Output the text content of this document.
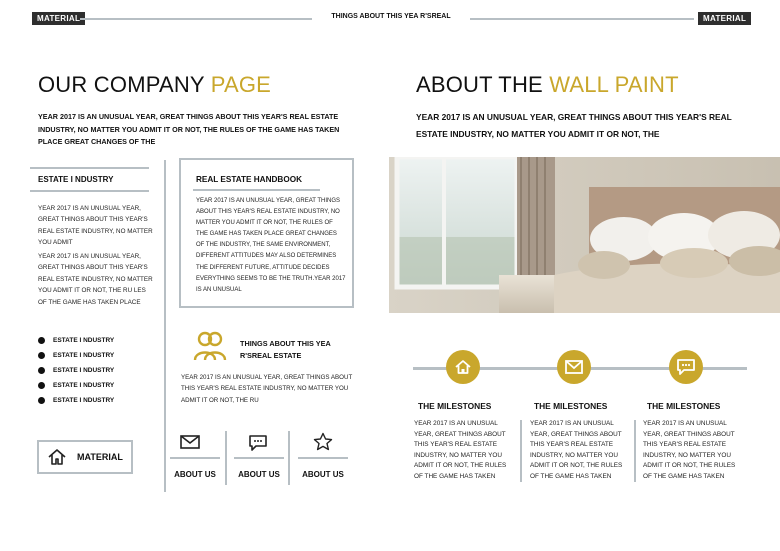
MATERIAL	THINGS ABOUT THIS YEA R'SREAL	MATERIAL
OUR COMPANY PAGE
YEAR 2017 IS AN UNUSUAL YEAR, GREAT THINGS ABOUT THIS YEAR'S REAL ESTATE INDUSTRY, NO MATTER YOU ADMIT IT OR NOT, THE RULES OF THE GAME HAS TAKEN PLACE GREAT CHANGES OF THE
ESTATE I NDUSTRY
YEAR 2017 IS AN UNUSUAL YEAR, GREAT THINGS ABOUT THIS YEAR'S REAL ESTATE INDUSTRY, NO MATTER YOU ADMIT
YEAR 2017 IS AN UNUSUAL YEAR, GREAT THINGS ABOUT THIS YEAR'S REAL ESTATE INDUSTRY, NO MATTER YOU ADMIT IT OR NOT, THE RU LES OF THE GAME HAS TAKEN PLACE
ESTATE I NDUSTRY
ESTATE I NDUSTRY
ESTATE I NDUSTRY
ESTATE I NDUSTRY
ESTATE I NDUSTRY
MATERIAL
REAL ESTATE HANDBOOK
YEAR 2017 IS AN UNUSUAL YEAR, GREAT THINGS ABOUT THIS YEAR'S REAL ESTATE INDUSTRY, NO MATTER YOU ADMIT IT OR NOT, THE RULES OF THE GAME HAS TAKEN PLACE GREAT CHANGES OF THE INDUSTRY, THE SAME ENVIRONMENT, DIFFERENT ATTITUDES MAY ALSO DETERMINES THE DIFFERENT FUTURE, ATTITUDE DECIDES EVERYTHING SEEMS TO BE THE TRUTH.YEAR 2017 IS AN UNUSUAL
THINGS ABOUT THIS YEA R'SREAL ESTATE
YEAR 2017 IS AN UNUSUAL YEAR, GREAT THINGS ABOUT THIS YEAR'S REAL ESTATE INDUSTRY, NO MATTER YOU ADMIT IT OR NOT, THE RU
ABOUT US	ABOUT US	ABOUT US
ABOUT THE WALL PAINT
YEAR 2017 IS AN UNUSUAL YEAR, GREAT THINGS ABOUT THIS YEAR'S REAL ESTATE INDUSTRY, NO MATTER YOU ADMIT IT OR NOT, THE
THE MILESTONES	THE MILESTONES	THE MILESTONES
YEAR 2017 IS AN UNUSUAL YEAR, GREAT THINGS ABOUT THIS YEAR'S REAL ESTATE INDUSTRY, NO MATTER YOU ADMIT IT OR NOT, THE RULES OF THE GAME HAS TAKEN
YEAR 2017 IS AN UNUSUAL YEAR, GREAT THINGS ABOUT THIS YEAR'S REAL ESTATE INDUSTRY, NO MATTER YOU ADMIT IT OR NOT, THE RULES OF THE GAME HAS TAKEN
YEAR 2017 IS AN UNUSUAL YEAR, GREAT THINGS ABOUT THIS YEAR'S REAL ESTATE INDUSTRY, NO MATTER YOU ADMIT IT OR NOT, THE RULES OF THE GAME HAS TAKEN
